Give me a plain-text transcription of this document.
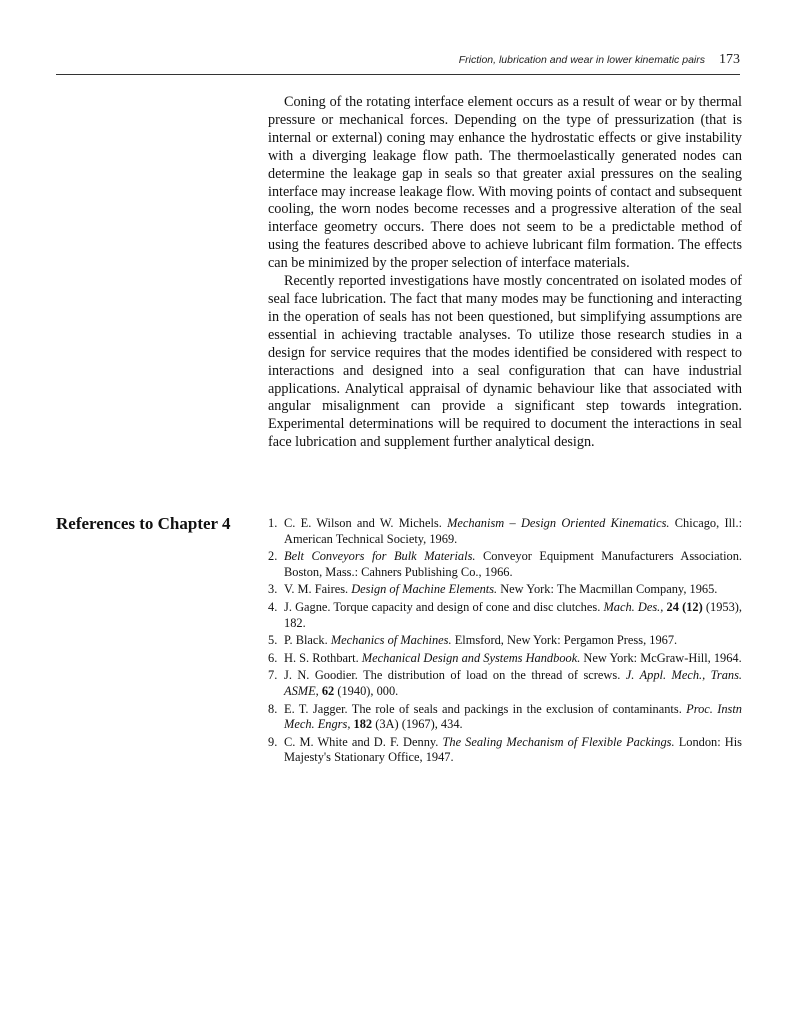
Friction, lubrication and wear in lower kinematic pairs 173

Coning of the rotating interface element occurs as a result of wear or by thermal pressure or mechanical forces. Depending on the type of pressurization (that is internal or external) coning may enhance the hydrostatic effects or give instability with a diverging leakage flow path. The thermoelastically generated nodes can determine the leakage gap in seals so that greater axial pressures on the sealing interface may increase leakage flow. With moving points of contact and subsequent cooling, the worn nodes become recesses and a progressive alteration of the seal interface geometry occurs. There does not seem to be a predictable method of using the features described above to achieve lubricant film formation. The effects can be minimized by the proper selection of interface materials.

Recently reported investigations have mostly concentrated on isolated modes of seal face lubrication. The fact that many modes may be functioning and interacting in the operation of seals has not been questioned, but simplifying assumptions are essential in achieving tractable analyses. To utilize those research studies in a design for service requires that the modes identified be considered with respect to interactions and designed into a seal configuration that can have industrial applications. Analytical appraisal of dynamic behaviour like that associated with angular misalignment can provide a significant step towards integration. Experimental determinations will be required to document the interactions in seal face lubrication and supplement further analytical design.

References to Chapter 4	1. C. E. Wilson and W. Michels. Mechanism – Design Oriented Kinematics. Chicago, Ill.: American Technical Society, 1969.
2. Belt Conveyors for Bulk Materials. Conveyor Equipment Manufacturers Association. Boston, Mass.: Cahners Publishing Co., 1966.
3. V. M. Faires. Design of Machine Elements. New York: The Macmillan Company, 1965.
4. J. Gagne. Torque capacity and design of cone and disc clutches. Mach. Des., 24 (12) (1953), 182.
5. P. Black. Mechanics of Machines. Elmsford, New York: Pergamon Press, 1967.
6. H. S. Rothbart. Mechanical Design and Systems Handbook. New York: McGraw-Hill, 1964.
7. J. N. Goodier. The distribution of load on the thread of screws. J. Appl. Mech., Trans. ASME, 62 (1940), 000.
8. E. T. Jagger. The role of seals and packings in the exclusion of contaminants. Proc. Instn Mech. Engrs, 182 (3A) (1967), 434.
9. C. M. White and D. F. Denny. The Sealing Mechanism of Flexible Packings. London: His Majesty's Stationary Office, 1947.
